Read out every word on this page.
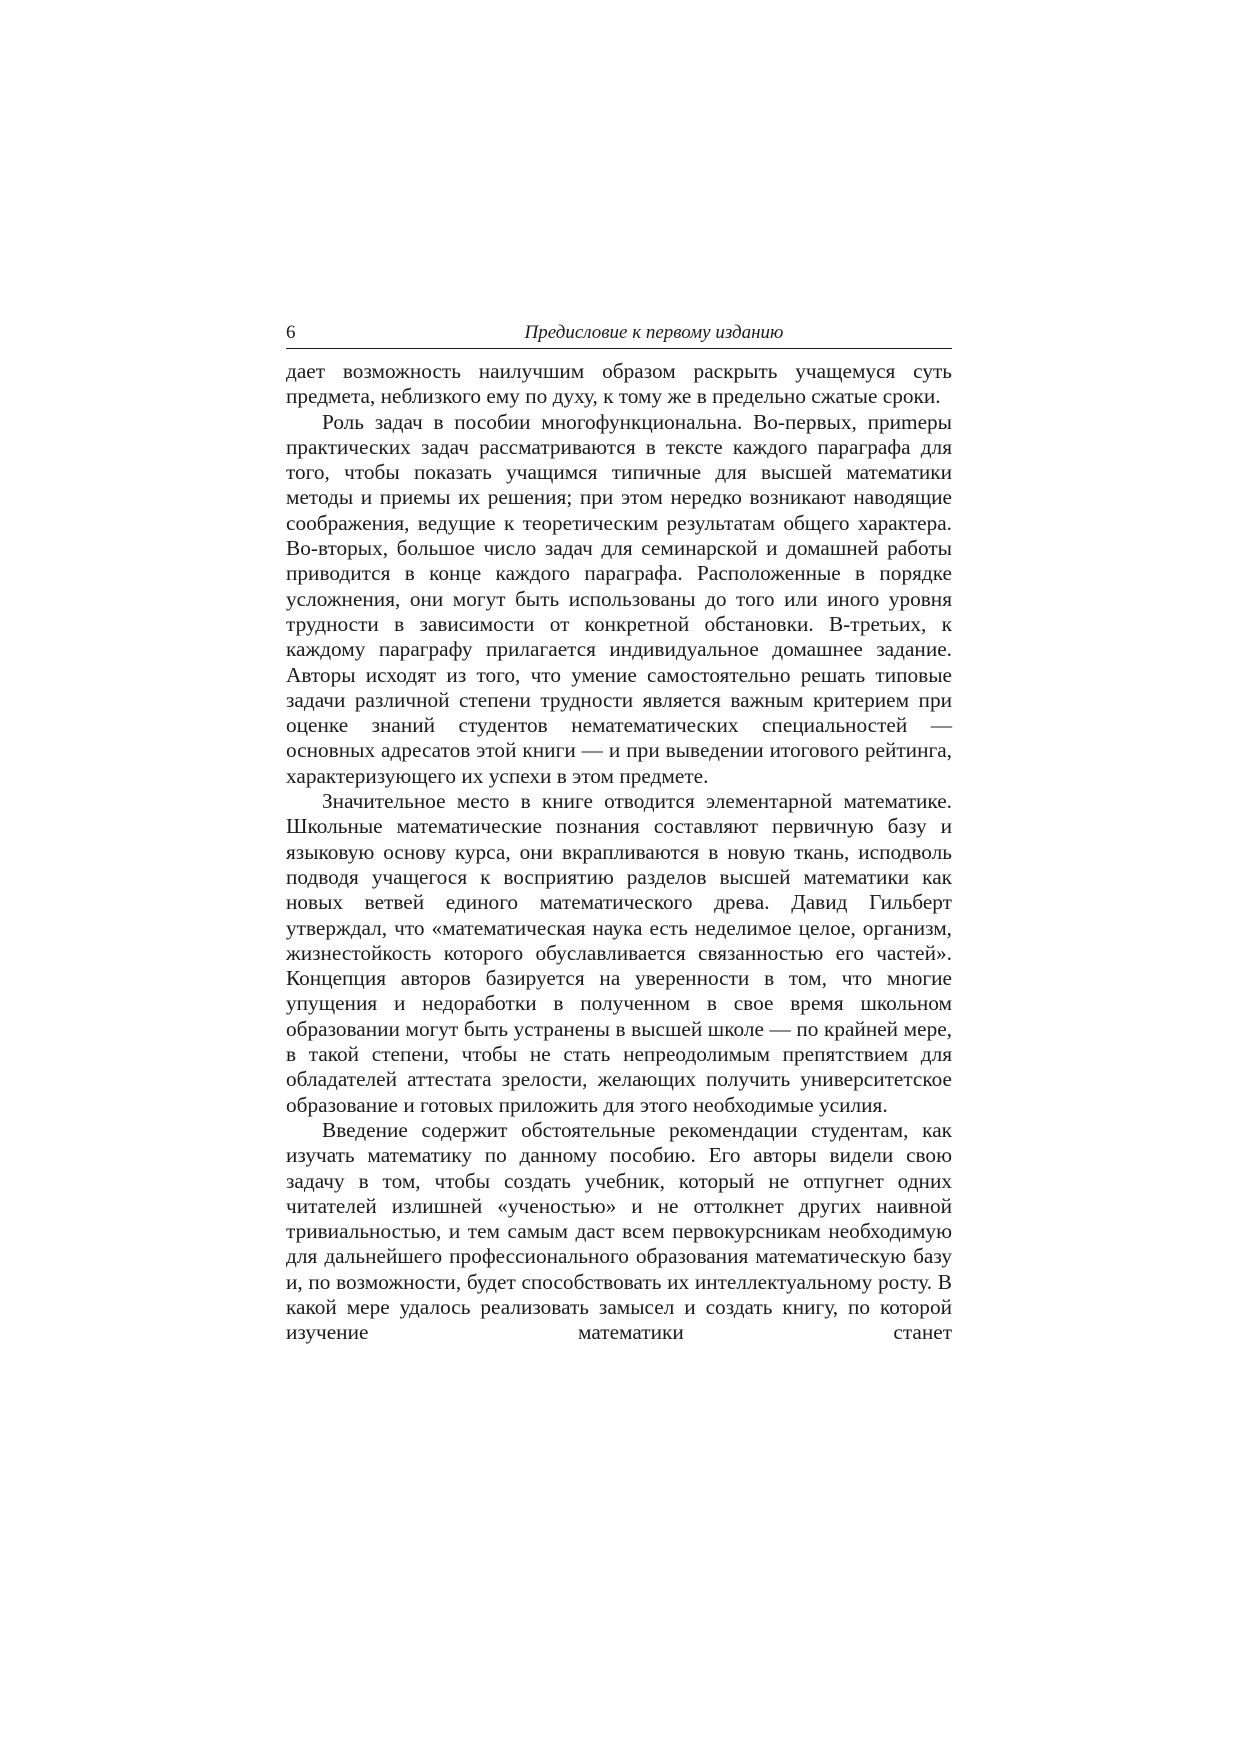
6	Предисловие к первому изданию

дает возможность наилучшим образом раскрыть учащемуся суть предмета, неблизкого ему по духу, к тому же в предельно сжатые сроки.

Роль задач в пособии многофункциональна. Во-первых, приmеры практических задач рассматриваются в тексте каждого параграфа для того, чтобы показать учащимся типичные для высшей математики методы и приемы их решения; при этом нередко возникают наводящие соображения, ведущие к теоретическим результатам общего характера. Во-вторых, большое число задач для семинарской и домашней работы приводится в конце каждого параграфа. Расположенные в порядке усложнения, они могут быть использованы до того или иного уровня трудности в зависимости от конкретной обстановки. В-третьих, к каждому параграфу прилагается индивидуальное домашнее задание. Авторы исходят из того, что умение самостоятельно решать типовые задачи различной степени трудности является важным критерием при оценке знаний студентов нематематических специальностей — основных адресатов этой книги — и при выведении итогового рейтинга, характеризующего их успехи в этом предмете.

Значительное место в книге отводится элементарной математике. Школьные математические познания составляют первичную базу и языковую основу курса, они вкрапливаются в новую ткань, исподволь подводя учащегося к восприятию разделов высшей математики как новых ветвей единого математического древа. Давид Гильберт утверждал, что «математическая наука есть неделимое целое, организм, жизнестойкость которого обуславливается связанностью его частей». Концепция авторов базируется на уверенности в том, что многие упущения и недоработки в полученном в свое время школьном образовании могут быть устранены в высшей школе — по крайней мере, в такой степени, чтобы не стать непреодолимым препятствием для обладателей аттестата зрелости, желающих получить университетское образование и готовых приложить для этого необходимые усилия.

Введение содержит обстоятельные рекомендации студентам, как изучать математику по данному пособию. Его авторы видели свою задачу в том, чтобы создать учебник, который не отпугнет одних читателей излишней «ученостью» и не оттолкнет других наивной тривиальностью, и тем самым даст всем первокурсникам необходимую для дальнейшего профессионального образования математическую базу и, по возможности, будет способствовать их интеллектуальному росту. В какой мере удалось реализовать замысел и создать книгу, по которой изучение математики станет
